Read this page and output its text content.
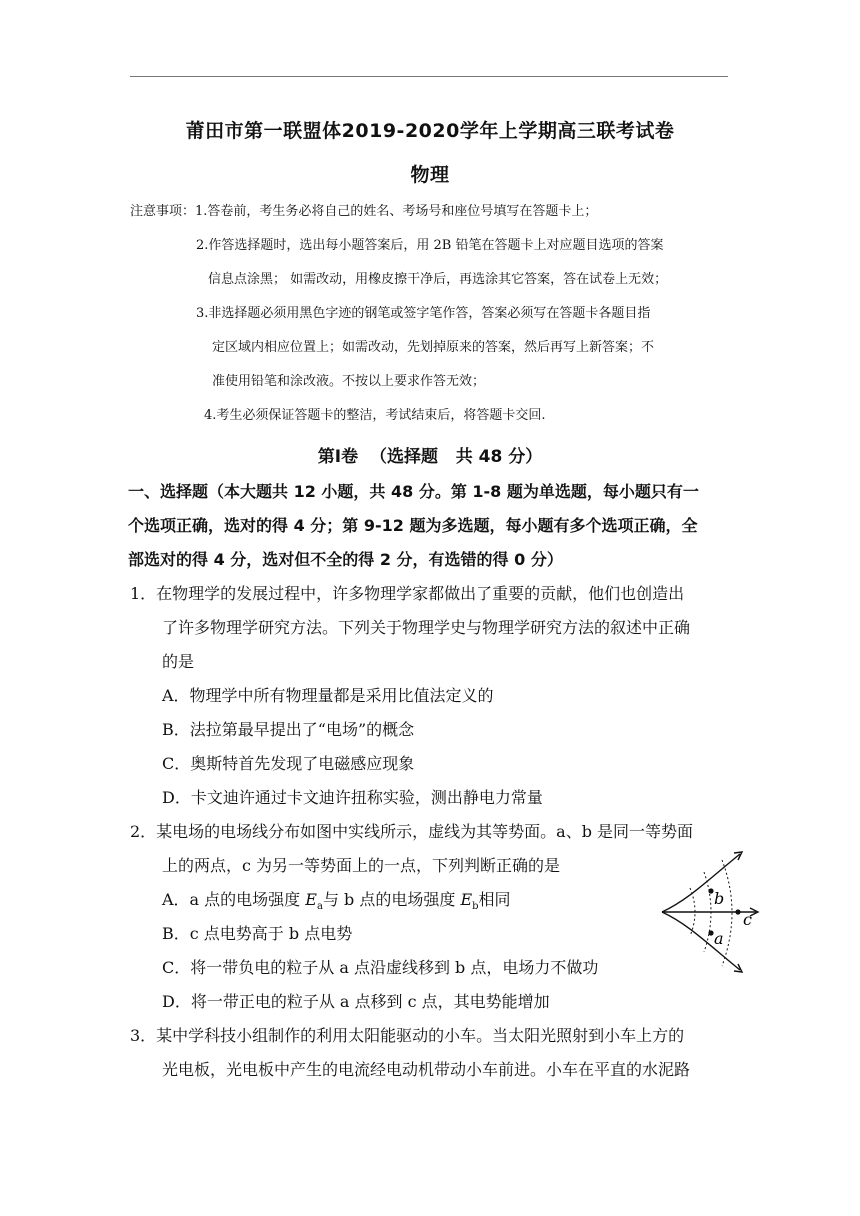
莆田市第一联盟体2019-2020学年上学期高三联考试卷
物理
注意事项：1.答卷前，考生务必将自己的姓名、考场号和座位号填写在答题卡上；
2.作答选择题时，选出每小题答案后，用 2B 铅笔在答题卡上对应题目选项的答案
信息点涂黑； 如需改动，用橡皮擦干净后，再选涂其它答案，答在试卷上无效；
3.非选择题必须用黑色字迹的钢笔或签字笔作答，答案必须写在答题卡各题目指
定区域内相应位置上；如需改动，先划掉原来的答案，然后再写上新答案；不
准使用铅笔和涂改液。不按以上要求作答无效；
4.考生必须保证答题卡的整洁，考试结束后，将答题卡交回.
第Ⅰ卷  （选择题   共 48 分）
一、选择题（本大题共 12 小题，共 48 分。第 1-8 题为单选题，每小题只有一
个选项正确，选对的得 4 分；第 9-12 题为多选题，每小题有多个选项正确，全
部选对的得 4 分，选对但不全的得 2 分，有选错的得 0 分）
1．在物理学的发展过程中，许多物理学家都做出了重要的贡献，他们也创造出
了许多物理学研究方法。下列关于物理学史与物理学研究方法的叙述中正确
的是
A．物理学中所有物理量都是采用比值法定义的
B．法拉第最早提出了“电场”的概念
C．奥斯特首先发现了电磁感应现象
D．卡文迪许通过卡文迪许扭称实验，测出静电力常量
2．某电场的电场线分布如图中实线所示，虚线为其等势面。a、b 是同一等势面
上的两点，c 为另一等势面上的一点，下列判断正确的是
A．a 点的电场强度 $E_a$与 b 点的电场强度 $E_b$相同
B．c 点电势高于 b 点电势
C．将一带负电的粒子从 a 点沿虚线移到 b 点，电场力不做功
D．将一带正电的粒子从 a 点移到 c 点，其电势能增加
b
a
c
3．某中学科技小组制作的利用太阳能驱动的小车。当太阳光照射到小车上方的
光电板，光电板中产生的电流经电动机带动小车前进。小车在平直的水泥路
